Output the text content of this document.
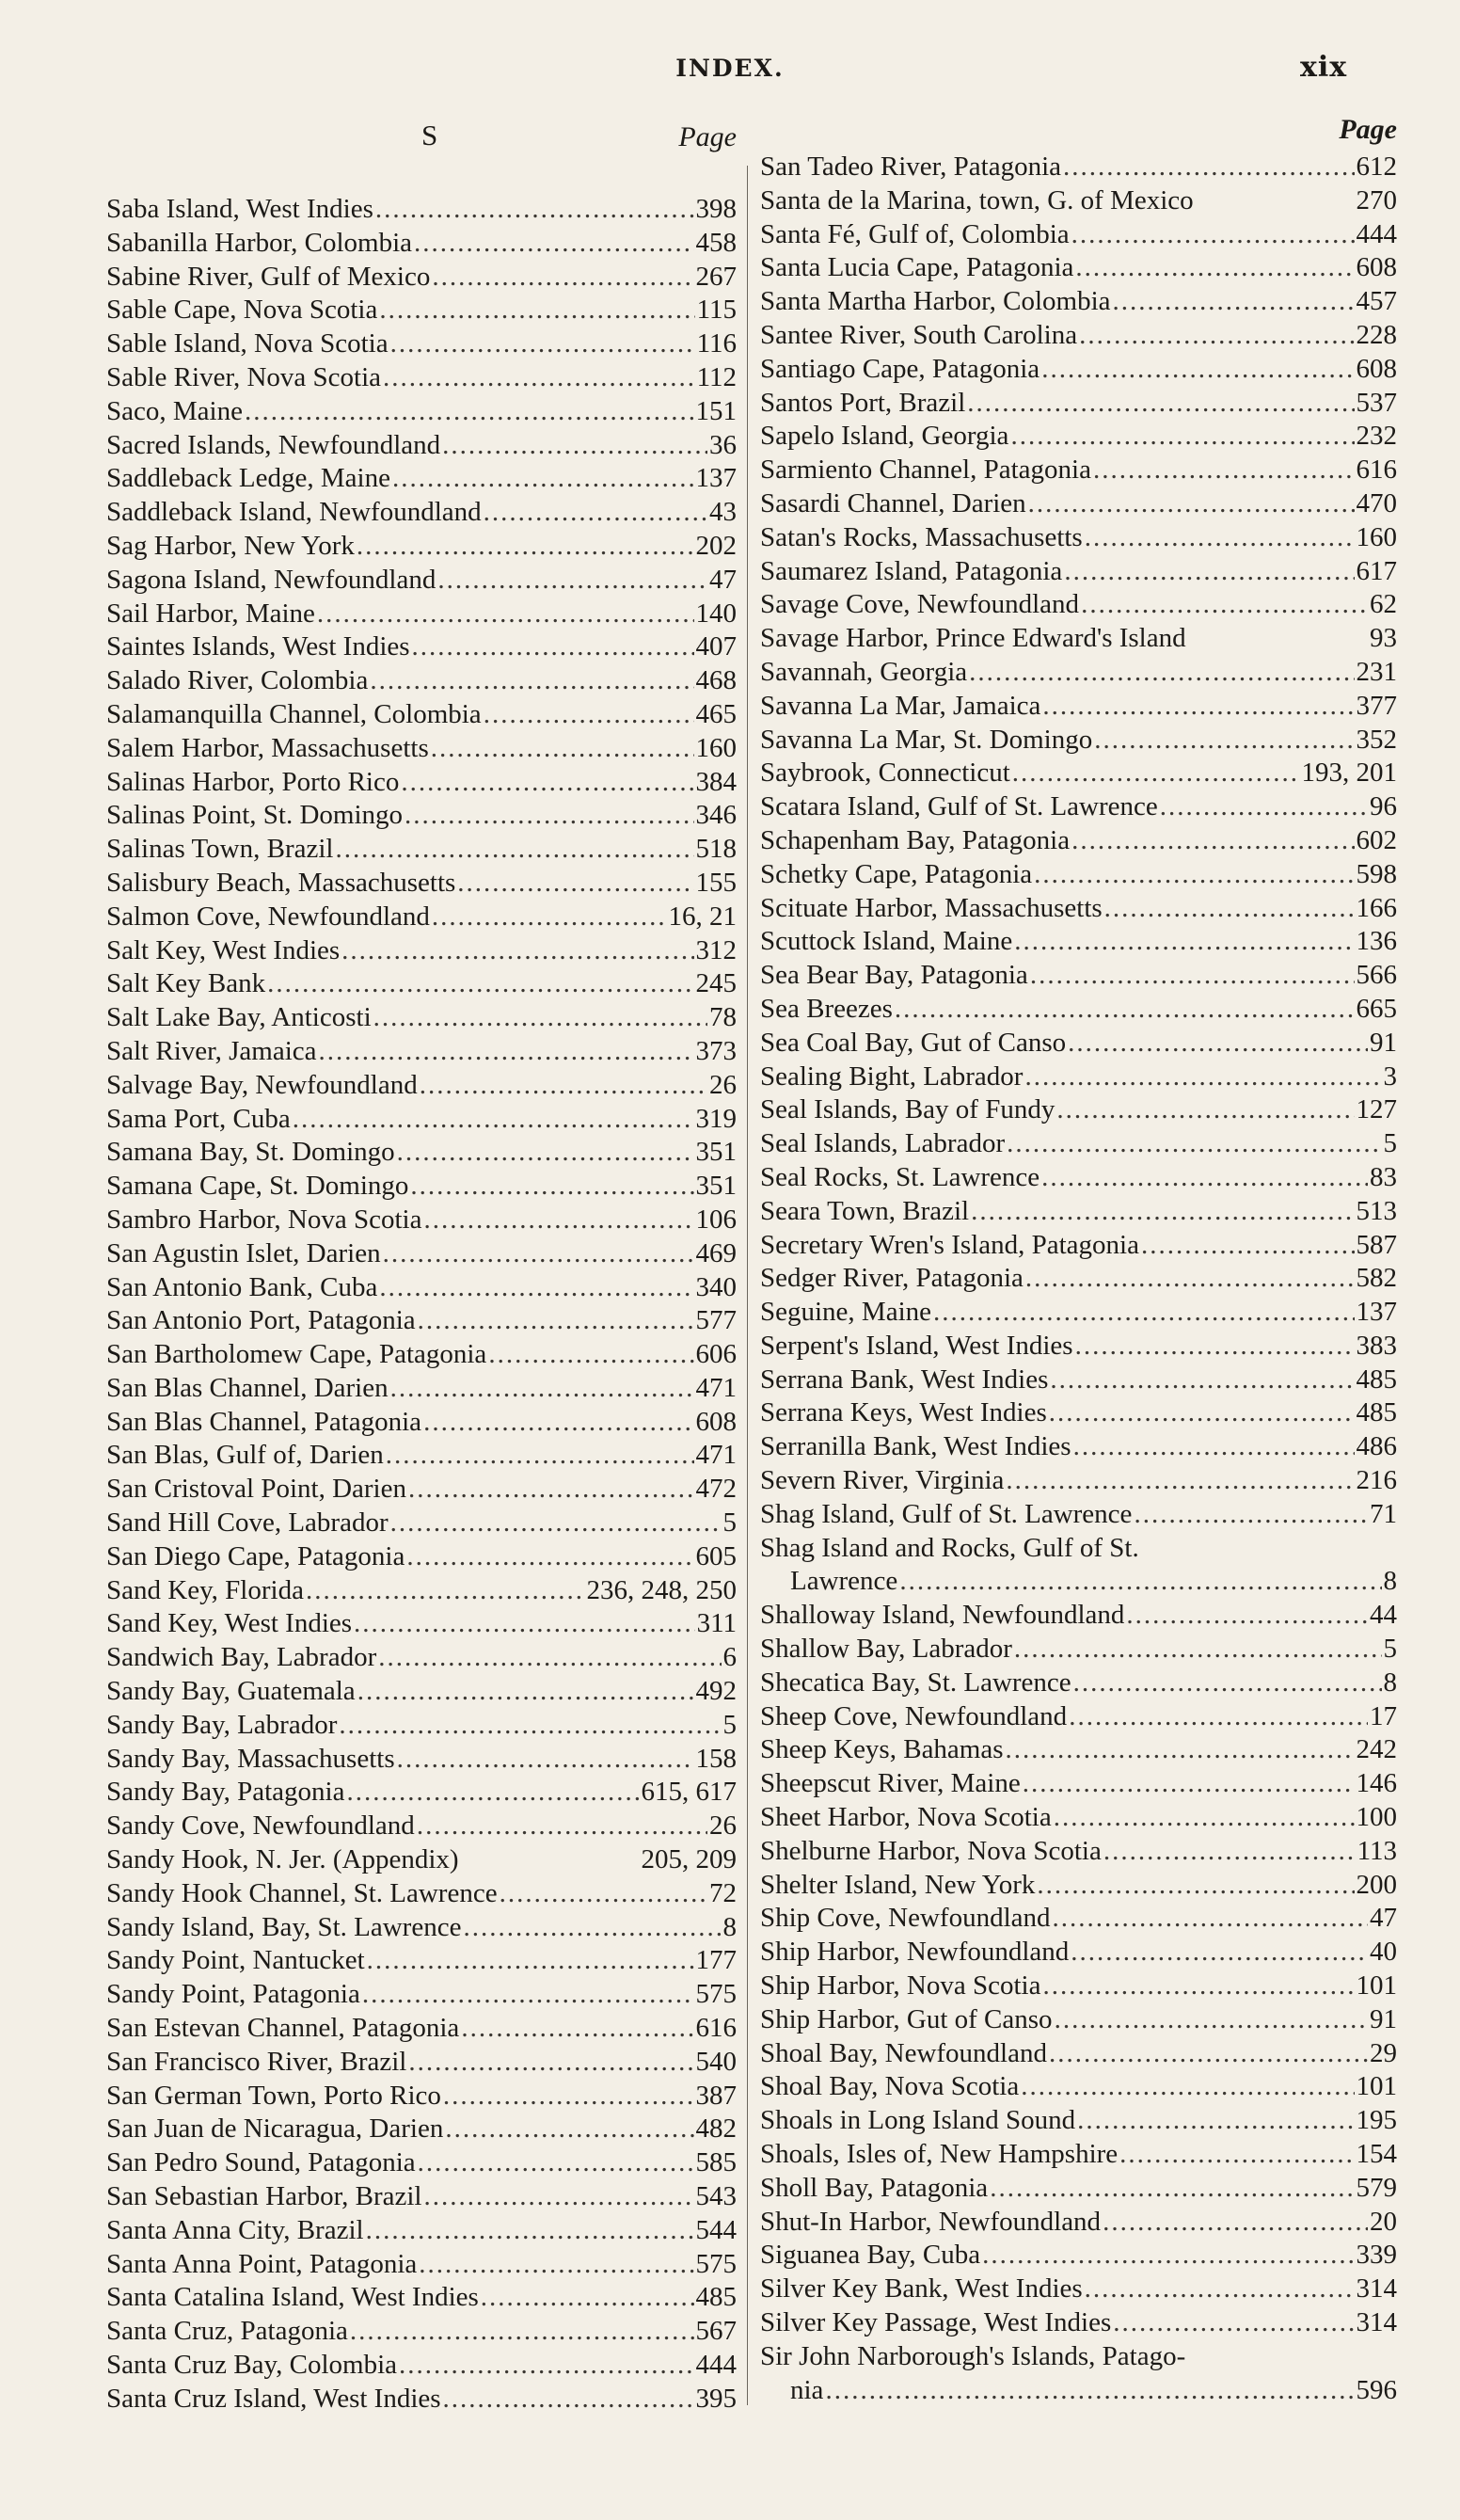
INDEX.	xix
S	Page
Saba Island, West Indies .....	398
Sabanilla Harbor, Colombia .....	458
Sabine River, Gulf of Mexico .....	267
Sable Cape, Nova Scotia .....	115
Sable Island, Nova Scotia .....	116
Sable River, Nova Scotia .....	112
Saco, Maine .....	151
Sacred Islands, Newfoundland .....	36
Saddleback Ledge, Maine .....	137
Saddleback Island, Newfoundland .....	43
Sag Harbor, New York .....	202
Sagona Island, Newfoundland .....	47
Sail Harbor, Maine .....	140
Saintes Islands, West Indies .....	407
Salado River, Colombia .....	468
Salamanquilla Channel, Colombia .....	465
Salem Harbor, Massachusetts .....	160
Salinas Harbor, Porto Rico .....	384
Salinas Point, St. Domingo .....	346
Salinas Town, Brazil .....	518
Salisbury Beach, Massachusetts .....	155
Salmon Cove, Newfoundland .....	16, 21
Salt Key, West Indies .....	312
Salt Key Bank .....	245
Salt Lake Bay, Anticosti .....	78
Salt River, Jamaica .....	373
Salvage Bay, Newfoundland .....	26
Sama Port, Cuba .....	319
Samana Bay, St. Domingo .....	351
Samana Cape, St. Domingo .....	351
Sambro Harbor, Nova Scotia .....	106
San Agustin Islet, Darien .....	469
San Antonio Bank, Cuba .....	340
San Antonio Port, Patagonia .....	577
San Bartholomew Cape, Patagonia .....	606
San Blas Channel, Darien .....	471
San Blas Channel, Patagonia .....	608
San Blas, Gulf of, Darien .....	471
San Cristoval Point, Darien .....	472
Sand Hill Cove, Labrador .....	5
San Diego Cape, Patagonia .....	605
Sand Key, Florida .....	236, 248, 250
Sand Key, West Indies .....	311
Sandwich Bay, Labrador .....	6
Sandy Bay, Guatemala .....	492
Sandy Bay, Labrador .....	5
Sandy Bay, Massachusetts .....	158
Sandy Bay, Patagonia .....	615, 617
Sandy Cove, Newfoundland .....	26
Sandy Hook, N. Jer. (Appendix)	205, 209
Sandy Hook Channel, St. Lawrence .....	72
Sandy Island, Bay, St. Lawrence .....	8
Sandy Point, Nantucket .....	177
Sandy Point, Patagonia .....	575
San Estevan Channel, Patagonia .....	616
San Francisco River, Brazil .....	540
San German Town, Porto Rico .....	387
San Juan de Nicaragua, Darien .....	482
San Pedro Sound, Patagonia .....	585
San Sebastian Harbor, Brazil .....	543
Santa Anna City, Brazil .....	544
Santa Anna Point, Patagonia .....	575
Santa Catalina Island, West Indies .....	485
Santa Cruz, Patagonia .....	567
Santa Cruz Bay, Colombia .....	444
Santa Cruz Island, West Indies .....	395
Page
San Tadeo River, Patagonia .....	612
Santa de la Marina, town, G. of Mexico	270
Santa Fé, Gulf of, Colombia .....	444
Santa Lucia Cape, Patagonia .....	608
Santa Martha Harbor, Colombia .....	457
Santee River, South Carolina .....	228
Santiago Cape, Patagonia .....	608
Santos Port, Brazil .....	537
Sapelo Island, Georgia .....	232
Sarmiento Channel, Patagonia .....	616
Sasardi Channel, Darien .....	470
Satan's Rocks, Massachusetts .....	160
Saumarez Island, Patagonia .....	617
Savage Cove, Newfoundland .....	62
Savage Harbor, Prince Edward's Island	93
Savannah, Georgia .....	231
Savanna La Mar, Jamaica .....	377
Savanna La Mar, St. Domingo .....	352
Saybrook, Connecticut .....	193, 201
Scatara Island, Gulf of St. Lawrence .....	96
Schapenham Bay, Patagonia .....	602
Schetky Cape, Patagonia .....	598
Scituate Harbor, Massachusetts .....	166
Scuttock Island, Maine .....	136
Sea Bear Bay, Patagonia .....	566
Sea Breezes .....	665
Sea Coal Bay, Gut of Canso .....	91
Sealing Bight, Labrador .....	3
Seal Islands, Bay of Fundy .....	127
Seal Islands, Labrador .....	5
Seal Rocks, St. Lawrence .....	83
Seara Town, Brazil .....	513
Secretary Wren's Island, Patagonia .....	587
Sedger River, Patagonia .....	582
Seguine, Maine .....	137
Serpent's Island, West Indies .....	383
Serrana Bank, West Indies .....	485
Serrana Keys, West Indies .....	485
Serranilla Bank, West Indies .....	486
Severn River, Virginia .....	216
Shag Island, Gulf of St. Lawrence .....	71
Shag Island and Rocks, Gulf of St.
Lawrence .....	8
Shalloway Island, Newfoundland .....	44
Shallow Bay, Labrador .....	5
Shecatica Bay, St. Lawrence .....	8
Sheep Cove, Newfoundland .....	17
Sheep Keys, Bahamas .....	242
Sheepscut River, Maine .....	146
Sheet Harbor, Nova Scotia .....	100
Shelburne Harbor, Nova Scotia .....	113
Shelter Island, New York .....	200
Ship Cove, Newfoundland .....	47
Ship Harbor, Newfoundland .....	40
Ship Harbor, Nova Scotia .....	101
Ship Harbor, Gut of Canso .....	91
Shoal Bay, Newfoundland .....	29
Shoal Bay, Nova Scotia .....	101
Shoals in Long Island Sound .....	195
Shoals, Isles of, New Hampshire .....	154
Sholl Bay, Patagonia .....	579
Shut-In Harbor, Newfoundland .....	20
Siguanea Bay, Cuba .....	339
Silver Key Bank, West Indies .....	314
Silver Key Passage, West Indies .....	314
Sir John Narborough's Islands, Patago-
nia .....	596
